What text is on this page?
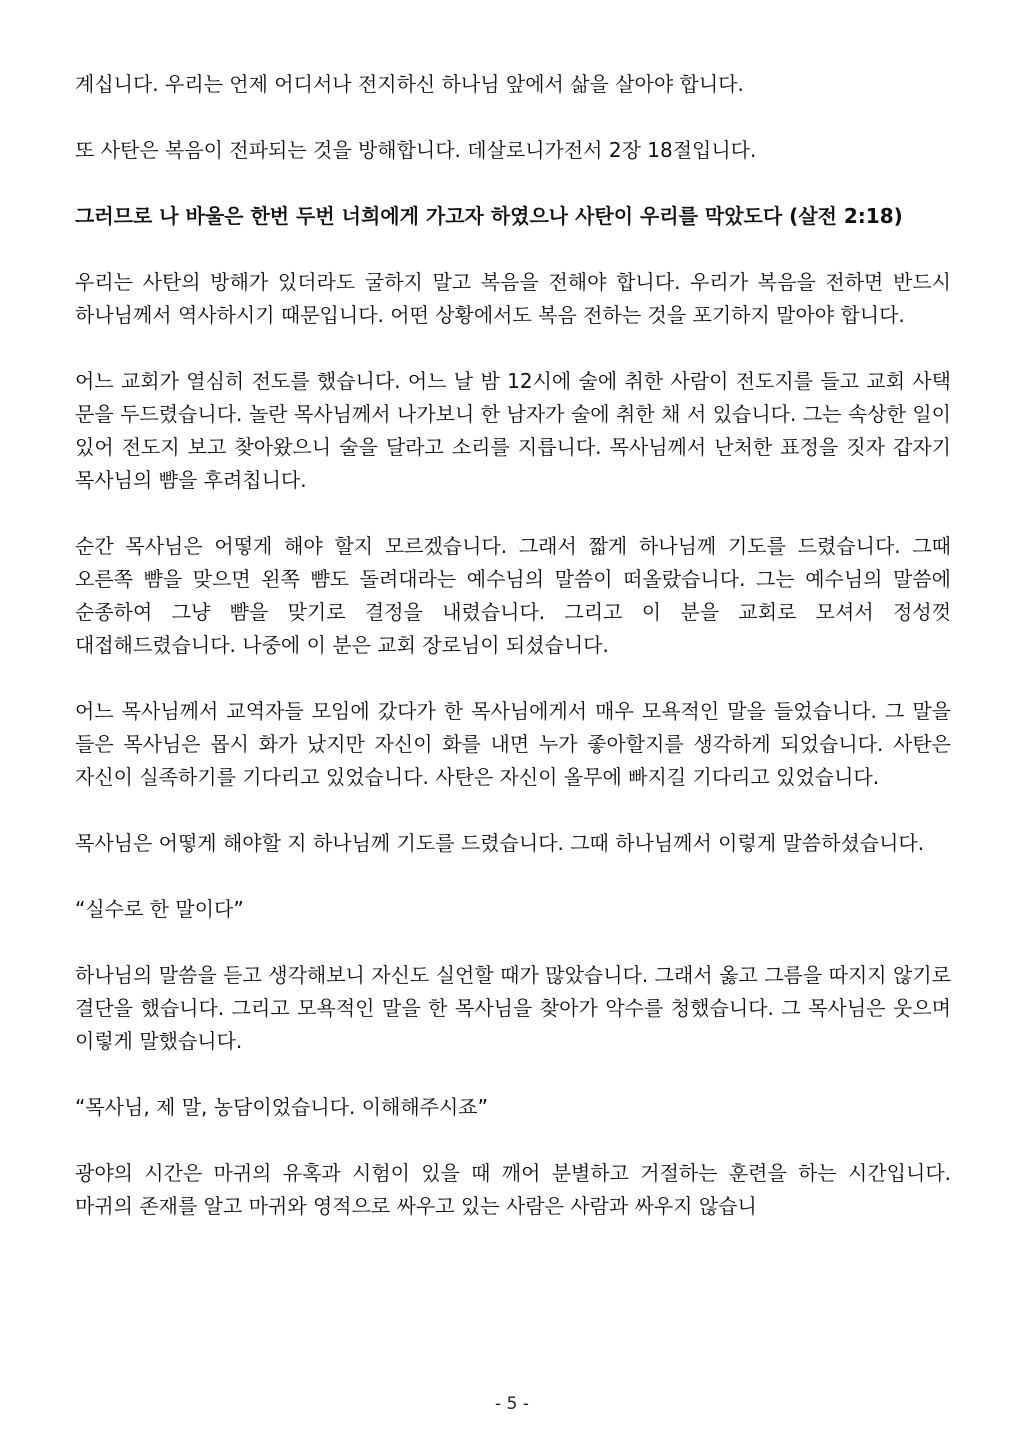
계십니다. 우리는 언제 어디서나 전지하신 하나님 앞에서 삶을 살아야 합니다.

또 사탄은 복음이 전파되는 것을 방해합니다. 데살로니가전서 2장 18절입니다.

그러므로 나 바울은 한번 두번 너희에게 가고자 하였으나 사탄이 우리를 막았도다 (살전 2:18)

우리는 사탄의 방해가 있더라도 굴하지 말고 복음을 전해야 합니다. 우리가 복음을 전하면 반드시 하나님께서 역사하시기 때문입니다. 어떤 상황에서도 복음 전하는 것을 포기하지 말아야 합니다.

어느 교회가 열심히 전도를 했습니다. 어느 날 밤 12시에 술에 취한 사람이 전도지를 들고 교회 사택 문을 두드렸습니다. 놀란 목사님께서 나가보니 한 남자가 술에 취한 채 서 있습니다. 그는 속상한 일이 있어 전도지 보고 찾아왔으니 술을 달라고 소리를 지릅니다. 목사님께서 난처한 표정을 짓자 갑자기 목사님의 뺨을 후려칩니다.

순간 목사님은 어떻게 해야 할지 모르겠습니다. 그래서 짧게 하나님께 기도를 드렸습니다. 그때 오른쪽 뺨을 맞으면 왼쪽 뺨도 돌려대라는 예수님의 말씀이 떠올랐습니다. 그는 예수님의 말씀에 순종하여 그냥 뺨을 맞기로 결정을 내렸습니다. 그리고 이 분을 교회로 모셔서 정성껏 대접해드렸습니다. 나중에 이 분은 교회 장로님이 되셨습니다.

어느 목사님께서 교역자들 모임에 갔다가 한 목사님에게서 매우 모욕적인 말을 들었습니다. 그 말을 들은 목사님은 몹시 화가 났지만 자신이 화를 내면 누가 좋아할지를 생각하게 되었습니다. 사탄은 자신이 실족하기를 기다리고 있었습니다. 사탄은 자신이 올무에 빠지길 기다리고 있었습니다.

목사님은 어떻게 해야할 지 하나님께 기도를 드렸습니다. 그때 하나님께서 이렇게 말씀하셨습니다.

“실수로 한 말이다”

하나님의 말씀을 듣고 생각해보니 자신도 실언할 때가 많았습니다. 그래서 옳고 그름을 따지지 않기로 결단을 했습니다. 그리고 모욕적인 말을 한 목사님을 찾아가 악수를 청했습니다. 그 목사님은 웃으며 이렇게 말했습니다.

“목사님, 제 말, 농담이었습니다. 이해해주시죠”

광야의 시간은 마귀의 유혹과 시험이 있을 때 깨어 분별하고 거절하는 훈련을 하는 시간입니다. 마귀의 존재를 알고 마귀와 영적으로 싸우고 있는 사람은 사람과 싸우지 않습니

- 5 -
